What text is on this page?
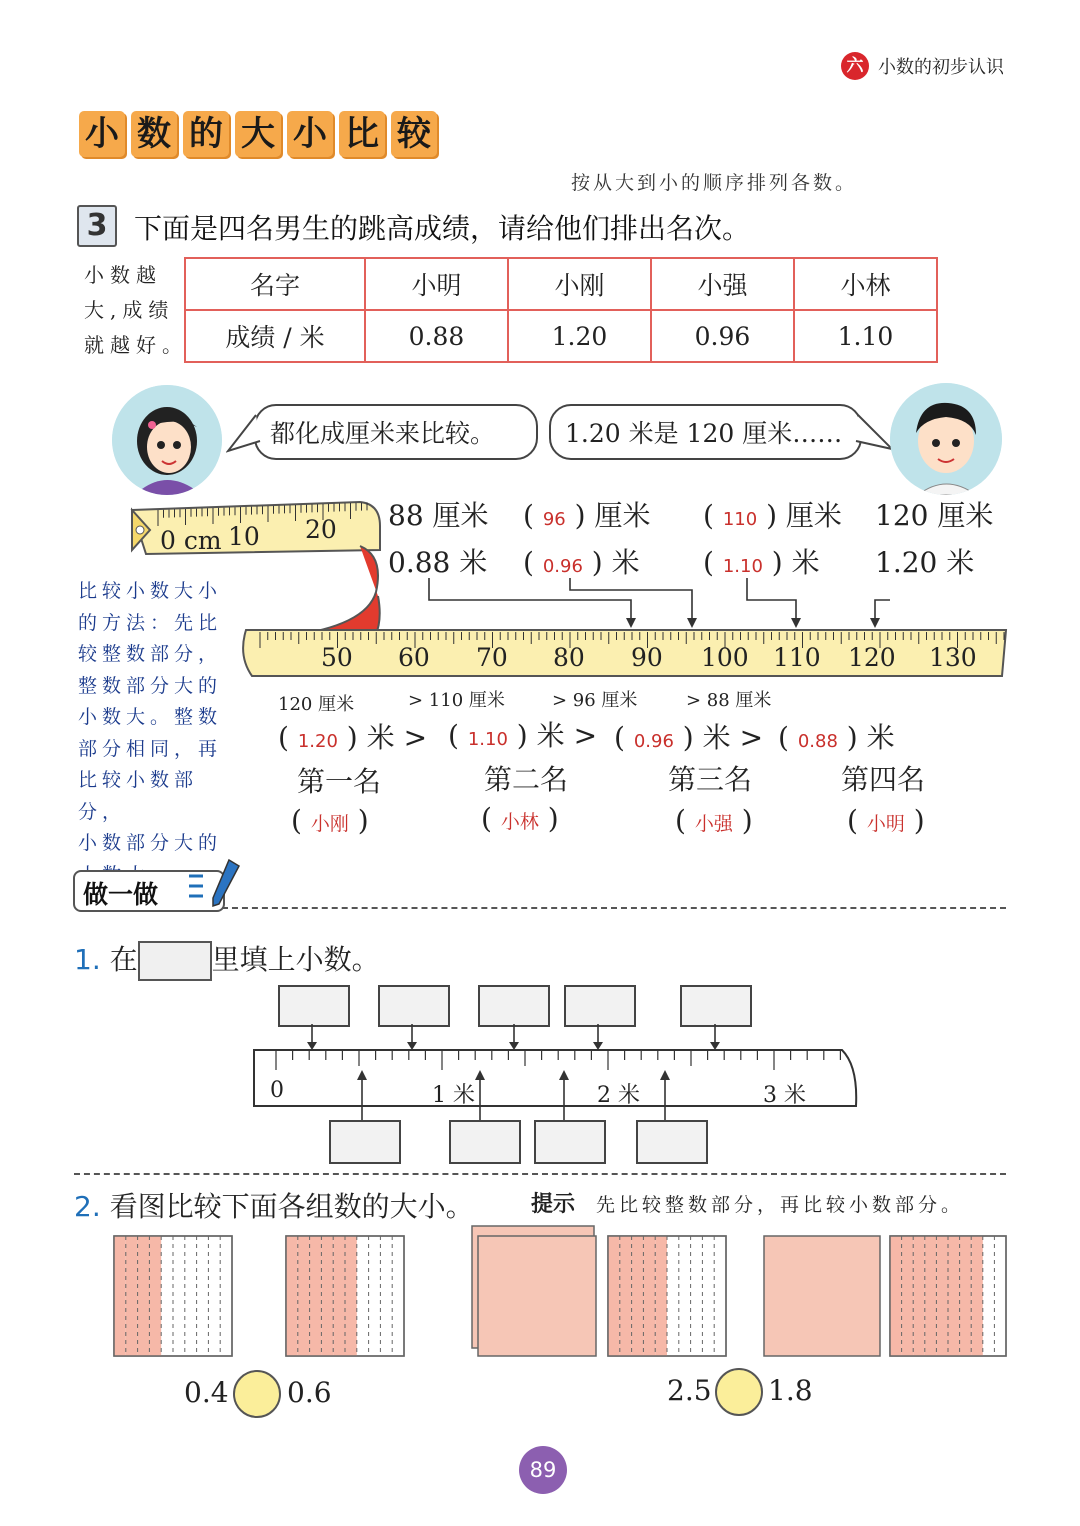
六 小数的初步认识
小 数 的 大 小 比 较
按从大到小的顺序排列各数。
3 下面是四名男生的跳高成绩，请给他们排出名次。
小数越
大,成绩
就越好。
名字	小明	小刚	小强	小林
成绩 / 米	0.88	1.20	0.96	1.10
都化成厘米来比较。	1.20 米是 120 厘米……
0 cm 10 20
50 60 70 80 90 100 110 120 130
88 厘米 ( 96 ) 厘米 ( 110 ) 厘米 120 厘米
0.88 米 ( 0.96 ) 米 ( 1.10 ) 米 1.20 米
比较小数大小
的方法：先比
较整数部分，
整数部分大的
小数大。整数
部分相同，再
比较小数部分，
小数部分大的
120 厘米	> 110 厘米	> 96 厘米	> 88 厘米
( 1.20 ) 米 > ( 1.10 ) 米 > ( 0.96 ) 米 > ( 0.88 ) 米
第一名	第二名	第三名	第四名
( 小刚 )	( 小林 )	( 小强 )	( 小明 )
做一做
1. 在	里填上小数。
0	1 米	2 米	3 米
2. 看图比较下面各组数的大小。	提示 先比较整数部分，再比较小数部分。
0.4 0.6	2.5 1.8
89
